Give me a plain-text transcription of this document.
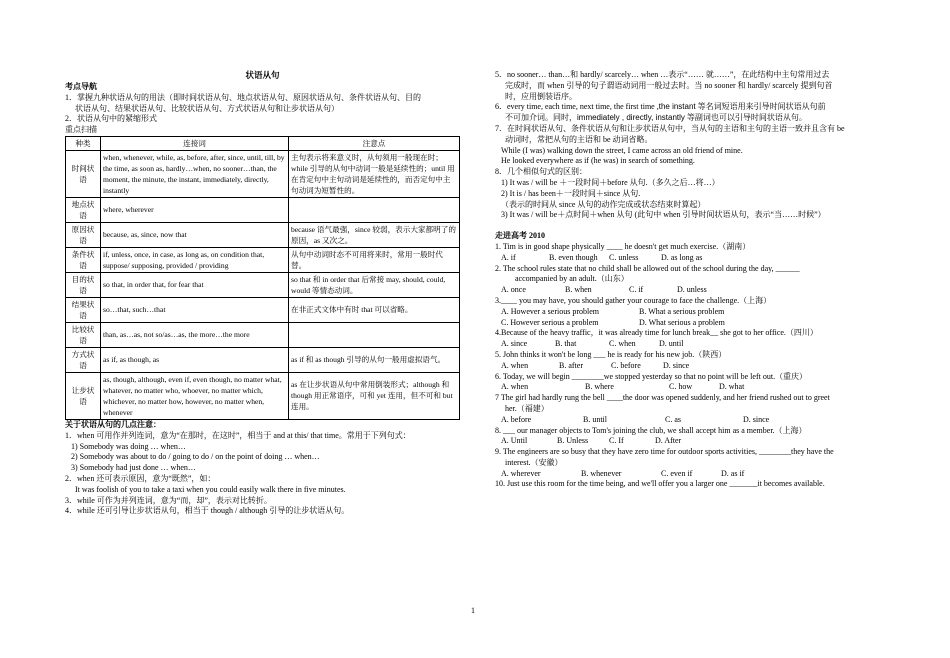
状语从句
考点导航
1．掌握九种状语从句的用法（即时间状语从句、地点状语从句、原因状语从句、条件状语从句、目的
状语从句、结果状语从句、比较状语从句、方式状语从句和让步状语从句）
2．状语从句中的紧缩形式
重点扫描
种类	连接词	注意点
时间状语	when, whenever, while, as, before, after, since, until, till, by the time, as soon as, hardly…when, no sooner…than, the moment, the minute, the instant, immediately, directly, instantly	主句表示将来意义时，从句须用一般现在时；while 引导的从句中动词一般是延续性的；until 用在肯定句中主句动词是延续性的，而否定句中主句动词为短暂性的。
地点状语	where, wherever	
原因状语	because, as, since, now that	because 语气最强，since 较弱，表示大家都明了的原因，as 又次之。
条件状语	if, unless, once, in case, as long as, on condition that, suppose/ supposing, provided / providing	从句中动词时态不可用将来时，常用一般时代替。
目的状语	so that, in order that, for fear that	so that 和 in order that 后常接 may, should, could, would 等情态动词。
结果状语	so…that, such…that	在非正式文体中有时 that 可以省略。
比较状语	than, as…as, not so/as…as, the more…the more	
方式状语	as if, as though, as	as if 和 as though 引导的从句一般用虚拟语气。
让步状语	as, though, although, even if, even though, no matter what, whatever, no matter who, whoever, no matter which, whichever, no matter how, however, no matter when, whenever	as 在让步状语从句中常用倒装形式；although 和 though 用正常语序，可和 yet 连用，但不可和 but 连用。
关于状语从句的几点注意：
1．when 可用作并列连词，意为“在那时，在这时”，相当于 and at this/ that time。常用于下列句式：
1) Somebody was doing … when…
2) Somebody was about to do / going to do / on the point of doing … when…
3) Somebody had just done … when…
2．when 还可表示原因，意为“既然”，如：
It was foolish of you to take a taxi when you could easily walk there in five minutes.
3．while 可作为并列连词，意为“而，却”，表示对比转折。
4．while 还可引导让步状语从句，相当于 though / although 引导的让步状语从句。
5．no sooner… than…和 hardly/ scarcely… when …表示“…… 就……”，在此结构中主句常用过去
完成时，而 when 引导的句子谓语动词用一般过去时。当 no sooner 和 hardly/ scarcely 提到句首
时，应用倒装语序。
6．every time, each time, next time, the first time ,the instant 等名词短语用来引导时间状语从句前
不可加介词。同时，immediately , directly, instantly 等副词也可以引导时间状语从句。
7．在时间状语从句、条件状语从句和让步状语从句中，当从句的主语和主句的主语一致并且含有 be
动词时，常把从句的主语和 be 动词省略。
While (I was) walking down the street, I came across an old friend of mine.
He looked everywhere as if (he was) in search of something.
8．几个相似句式的区别：
1) It was / will be ＋一段时间＋before 从句.（多久之后…将…）
2) It is / has been＋一段时间＋since 从句.
（表示的时间从 since 从句的动作完成或状态结束时算起）
3) It was / will be＋点时间＋when 从句 (此句中 when 引导时间状语从句，表示“当……时候”）
走进高考 2010
1. Tim is in good shape physically ____ he doesn't get much exercise.（湖南）
A. if	B. even though C. unless	D. as long as
2. The school rules state that no child shall be allowed out of the school during the day, ______
accompanied by an adult.（山东）
A. once	B. when	C. if	D. unless
3.____ you may have, you should gather your courage to face the challenge.（上海）
A. However a serious problem	B. What a serious problem
C. However serious a problem	D. What serious a problem
4.Because of the heavy traffic，it was already time for lunch break__ she got to her office.（四川）
A. since	B. that	C. when	D. until
5. John thinks it won't be long ___ he is ready for his new job.（陕西）
A. when	B. after	C. before	D. since
6. Today, we will begin ________we stopped yesterday so that no point will be left out.（重庆）
A. when	B. where	C. how	D. what
7 The girl had hardly rung the bell ____the door was opened suddenly, and her friend rushed out to greet
her.（福建）
A. before	B. until	C. as	D. since
8. ___ our manager objects to Tom's joining the club, we shall accept him as a member.（上海）
A. Until	B. Unless	C. If	D. After
9. The engineers are so busy that they have zero time for outdoor sports activities, ________they have the
interest.（安徽）
A. wherever	B. whenever	C. even if	D. as if
10. Just use this room for the time being, and we'll offer you a larger one _______it becomes available.
1
